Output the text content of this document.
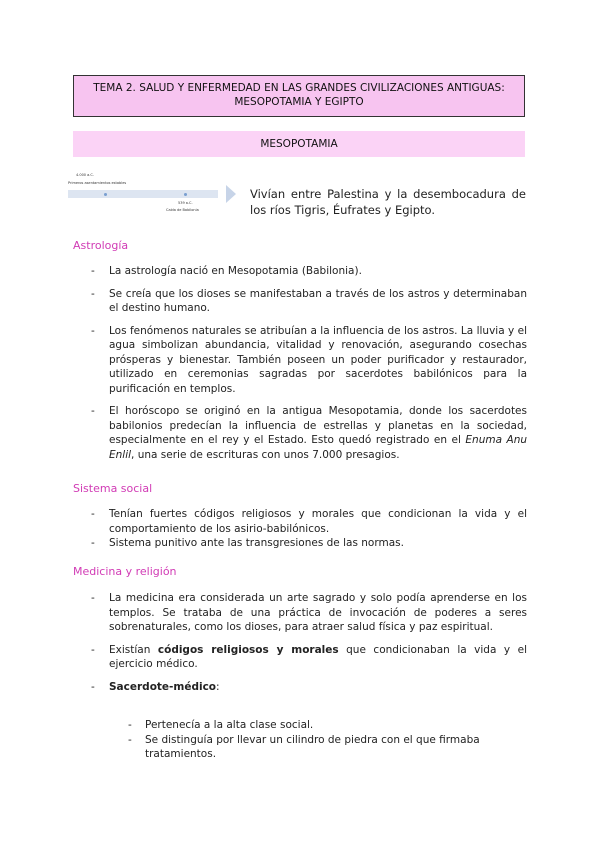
TEMA 2. SALUD Y ENFERMEDAD EN LAS GRANDES CIVILIZACIONES ANTIGUAS: MESOPOTAMIA Y EGIPTO
MESOPOTAMIA
4.000 a.C.
Primeros asentamientos estables
539 a.C.
Caída de Babilonia
Vivían entre Palestina y la desembocadura de los ríos Tigris, Éufrates y Egipto.
Astrología
- La astrología nació en Mesopotamia (Babilonia).
- Se creía que los dioses se manifestaban a través de los astros y determinaban el destino humano.
- Los fenómenos naturales se atribuían a la influencia de los astros. La lluvia y el agua simbolizan abundancia, vitalidad y renovación, asegurando cosechas prósperas y bienestar. También poseen un poder purificador y restaurador, utilizado en ceremonias sagradas por sacerdotes babilónicos para la purificación en templos.
- El horóscopo se originó en la antigua Mesopotamia, donde los sacerdotes babilonios predecían la influencia de estrellas y planetas en la sociedad, especialmente en el rey y el Estado. Esto quedó registrado en el Enuma Anu Enlil, una serie de escrituras con unos 7.000 presagios.
Sistema social
- Tenían fuertes códigos religiosos y morales que condicionan la vida y el comportamiento de los asirio-babilónicos.
- Sistema punitivo ante las transgresiones de las normas.
Medicina y religión
- La medicina era considerada un arte sagrado y solo podía aprenderse en los templos. Se trataba de una práctica de invocación de poderes a seres sobrenaturales, como los dioses, para atraer salud física y paz espiritual.
- Existían códigos religiosos y morales que condicionaban la vida y el ejercicio médico.
- Sacerdote-médico:
- Pertenecía a la alta clase social.
- Se distinguía por llevar un cilindro de piedra con el que firmaba tratamientos.
